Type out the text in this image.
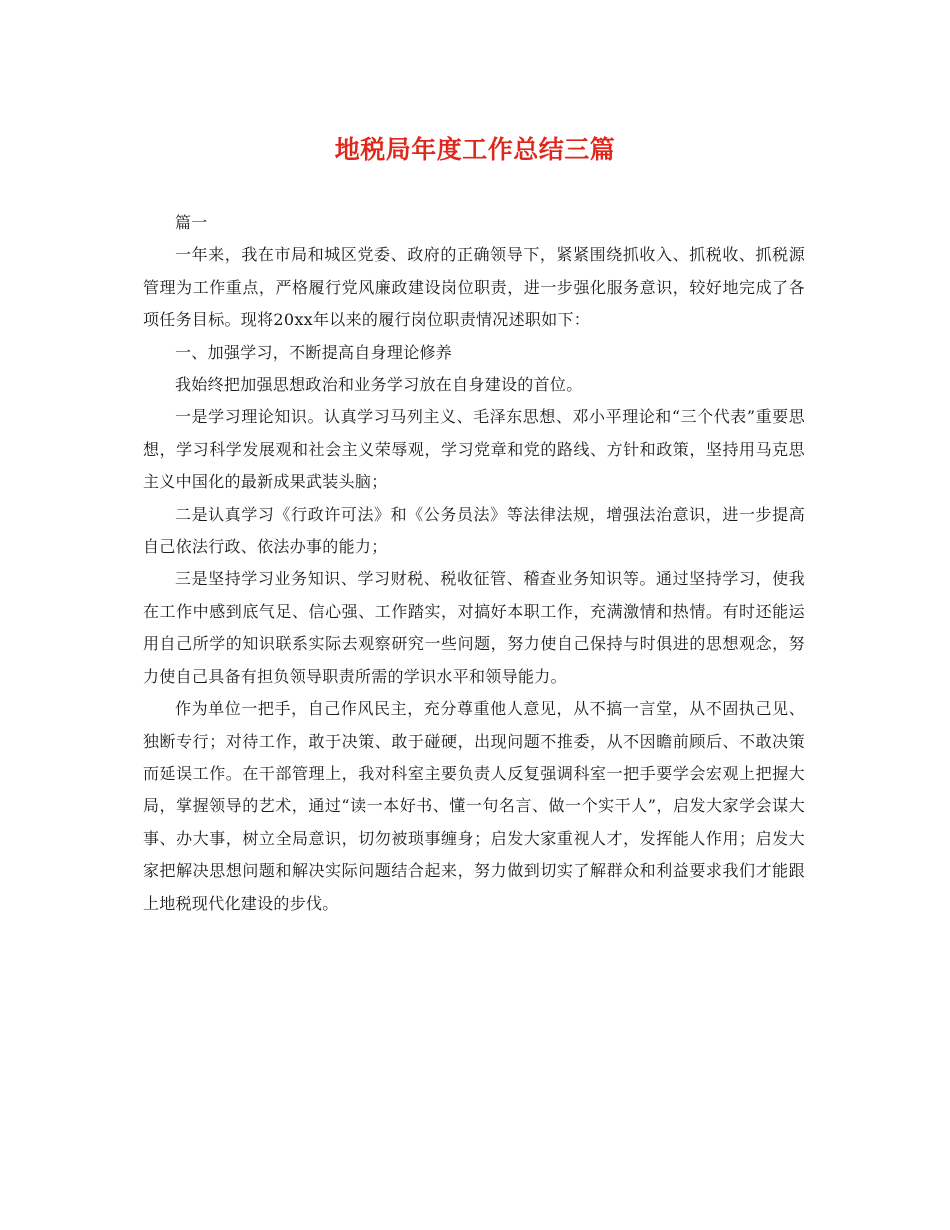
地税局年度工作总结三篇

篇一

一年来，我在市局和城区党委、政府的正确领导下，紧紧围绕抓收入、抓税收、抓税源管理为工作重点，严格履行党风廉政建设岗位职责，进一步强化服务意识，较好地完成了各项任务目标。现将20xx年以来的履行岗位职责情况述职如下：

一、加强学习，不断提高自身理论修养

我始终把加强思想政治和业务学习放在自身建设的首位。

一是学习理论知识。认真学习马列主义、毛泽东思想、邓小平理论和“三个代表”重要思想，学习科学发展观和社会主义荣辱观，学习党章和党的路线、方针和政策，坚持用马克思主义中国化的最新成果武装头脑；

二是认真学习《行政许可法》和《公务员法》等法律法规，增强法治意识，进一步提高自己依法行政、依法办事的能力；

三是坚持学习业务知识、学习财税、税收征管、稽查业务知识等。通过坚持学习，使我在工作中感到底气足、信心强、工作踏实，对搞好本职工作，充满激情和热情。有时还能运用自己所学的知识联系实际去观察研究一些问题，努力使自己保持与时俱进的思想观念，努力使自己具备有担负领导职责所需的学识水平和领导能力。

作为单位一把手，自己作风民主，充分尊重他人意见，从不搞一言堂，从不固执己见、独断专行；对待工作，敢于决策、敢于碰硬，出现问题不推委，从不因瞻前顾后、不敢决策而延误工作。在干部管理上，我对科室主要负责人反复强调科室一把手要学会宏观上把握大局，掌握领导的艺术，通过“读一本好书、懂一句名言、做一个实干人”，启发大家学会谋大事、办大事，树立全局意识，切勿被琐事缠身；启发大家重视人才，发挥能人作用；启发大家把解决思想问题和解决实际问题结合起来，努力做到切实了解群众和利益要求我们才能跟上地税现代化建设的步伐。
